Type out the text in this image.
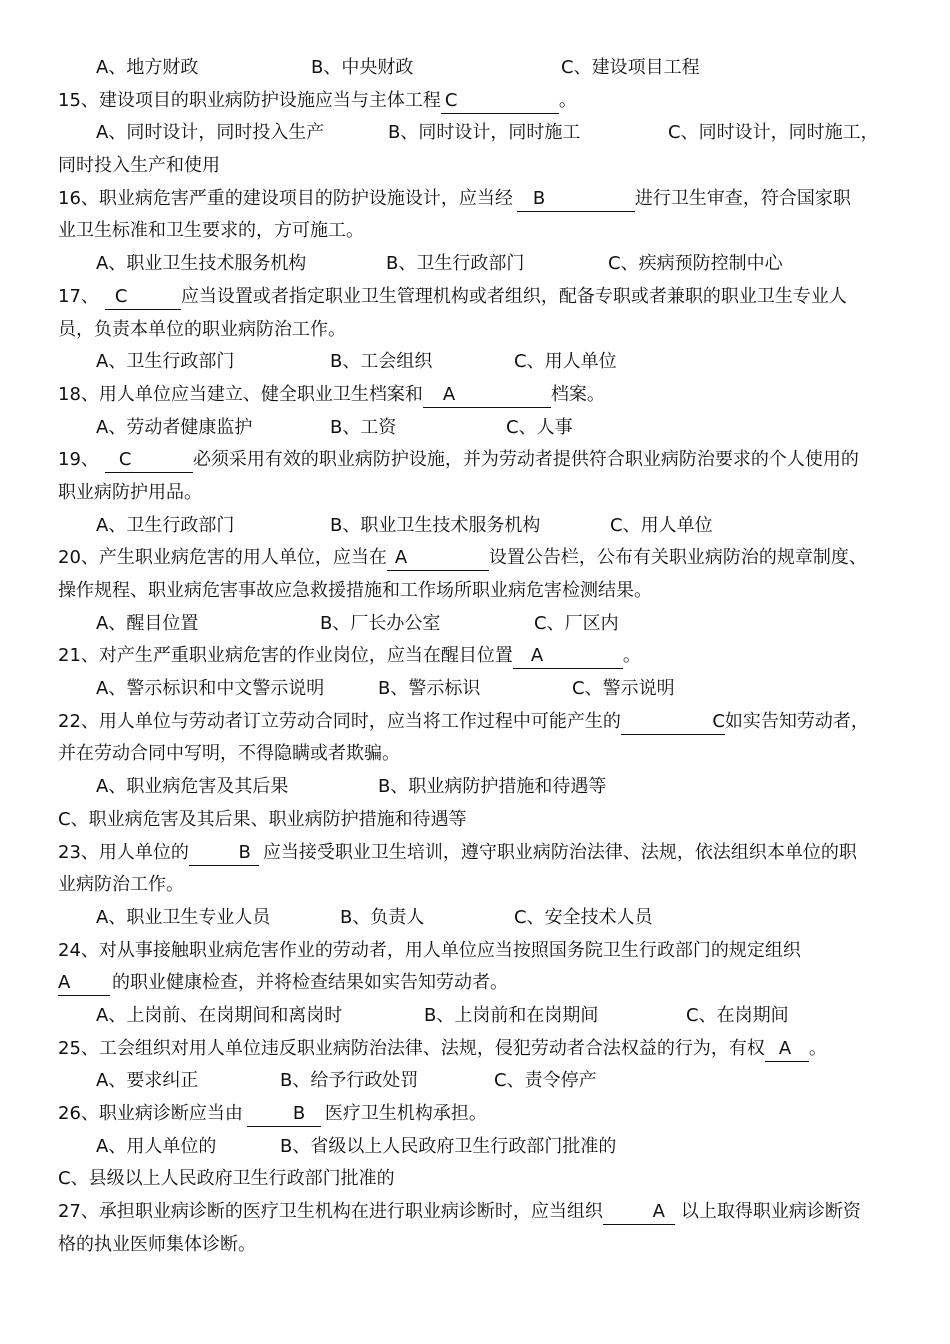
A、地方财政	B、中央财政	C、建设项目工程
15、建设项目的职业病防护设施应当与主体工程 C	。
A、同时设计，同时投入生产	B、同时设计，同时施工	C、同时设计，同时施工，
同时投入生产和使用
16、职业病危害严重的建设项目的防护设施设计，应当经 B	进行卫生审查，符合国家职
业卫生标准和卫生要求的，方可施工。
A、职业卫生技术服务机构	B、卫生行政部门	C、疾病预防控制中心
17、 C	应当设置或者指定职业卫生管理机构或者组织，配备专职或者兼职的职业卫生专业人
员，负责本单位的职业病防治工作。
A、卫生行政部门	B、工会组织	C、用人单位
18、用人单位应当建立、健全职业卫生档案和 A	档案。
A、劳动者健康监护	B、工资	C、人事
19、 C	必须采用有效的职业病防护设施，并为劳动者提供符合职业病防治要求的个人使用的
职业病防护用品。
A、卫生行政部门	B、职业卫生技术服务机构	C、用人单位
20、产生职业病危害的用人单位，应当在 A	设置公告栏，公布有关职业病防治的规章制度、
操作规程、职业病危害事故应急救援措施和工作场所职业病危害检测结果。
A、醒目位置	B、厂长办公室	C、厂区内
21、对产生严重职业病危害的作业岗位，应当在醒目位置 A	。
A、警示标识和中文警示说明	B、警示标识	C、警示说明
22、用人单位与劳动者订立劳动合同时，应当将工作过程中可能产生的	C如实告知劳动者，
并在劳动合同中写明，不得隐瞒或者欺骗。
A、职业病危害及其后果	B、职业病防护措施和待遇等
C、职业病危害及其后果、职业病防护措施和待遇等
23、用人单位的	B 应当接受职业卫生培训，遵守职业病防治法律、法规，依法组织本单位的职
业病防治工作。
A、职业卫生专业人员	B、负责人	C、安全技术人员
24、对从事接触职业病危害作业的劳动者，用人单位应当按照国务院卫生行政部门的规定组织
A 的职业健康检查，并将检查结果如实告知劳动者。
A、上岗前、在岗期间和离岗时	B、上岗前和在岗期间	C、在岗期间
25、工会组织对用人单位违反职业病防治法律、法规，侵犯劳动者合法权益的行为，有权 A 。
A、要求纠正	B、给予行政处罚	C、责令停产
26、职业病诊断应当由	B 医疗卫生机构承担。
A、用人单位的	B、省级以上人民政府卫生行政部门批准的
C、县级以上人民政府卫生行政部门批准的
27、承担职业病诊断的医疗卫生机构在进行职业病诊断时，应当组织	A 以上取得职业病诊断资
格的执业医师集体诊断。
